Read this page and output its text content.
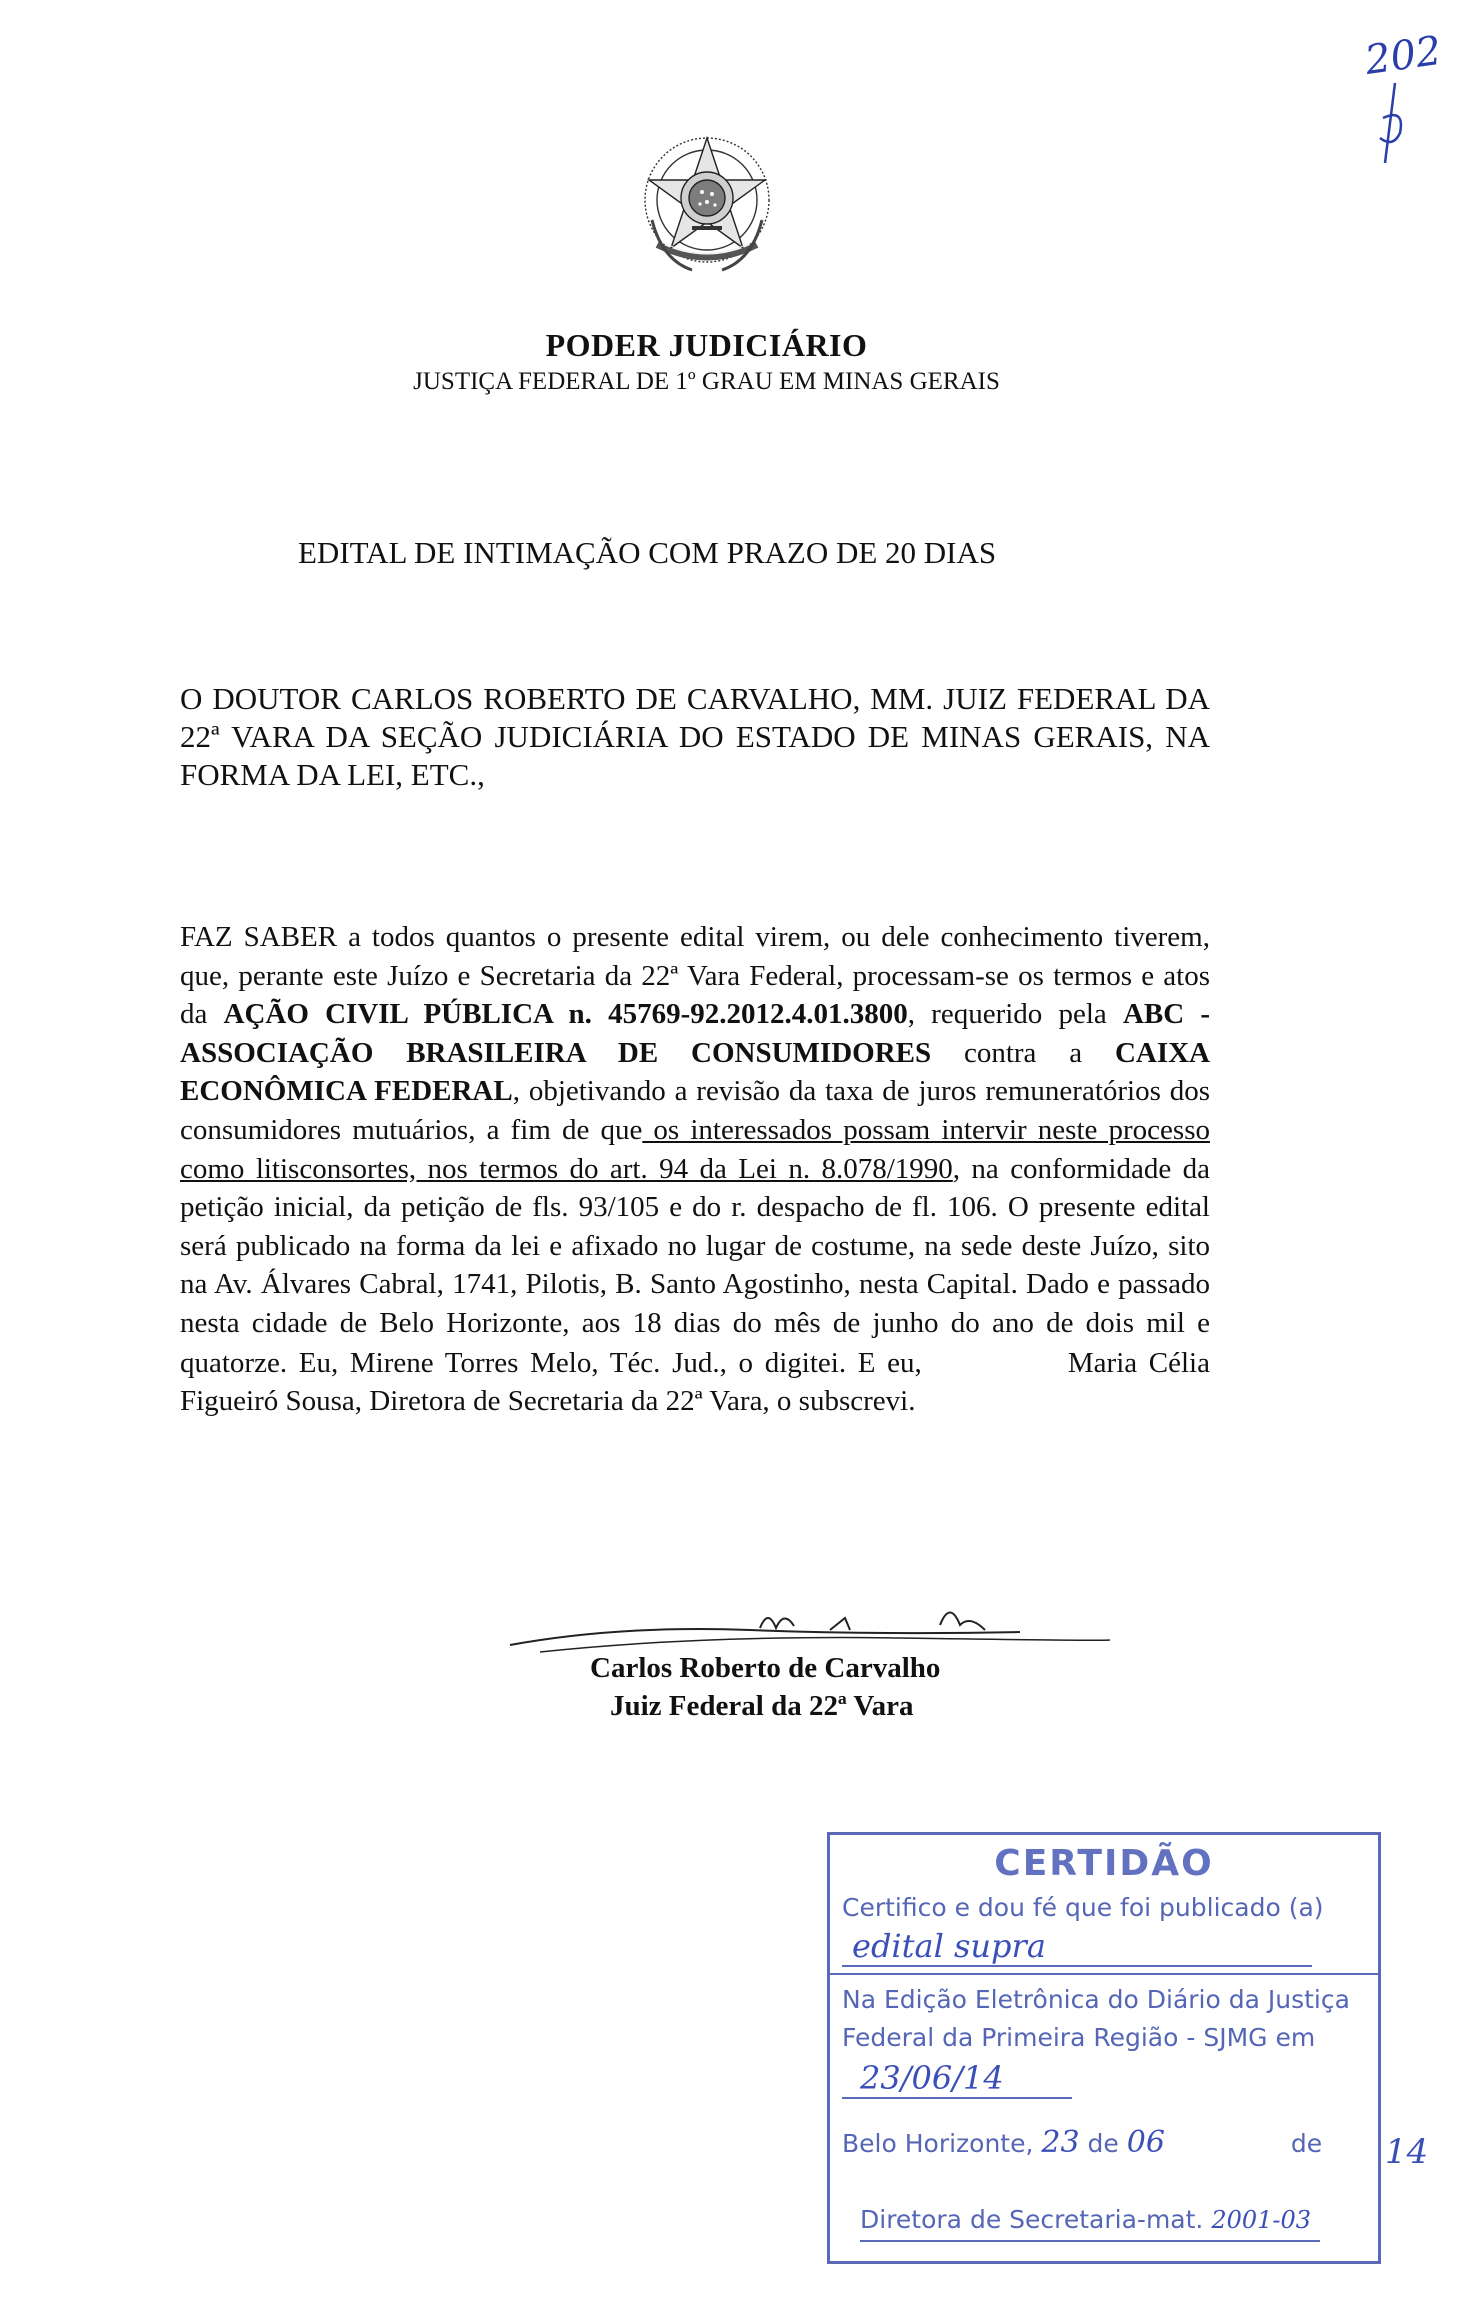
PODER JUDICIÁRIO

JUSTIÇA FEDERAL DE 1º GRAU EM MINAS GERAIS

EDITAL DE INTIMAÇÃO COM PRAZO DE 20 DIAS

O DOUTOR CARLOS ROBERTO DE CARVALHO, MM. JUIZ FEDERAL DA 22ª VARA DA SEÇÃO JUDICIÁRIA DO ESTADO DE MINAS GERAIS, NA FORMA DA LEI, ETC.,

FAZ SABER a todos quantos o presente edital virem, ou dele conhecimento tiverem, que, perante este Juízo e Secretaria da 22ª Vara Federal, processam-se os termos e atos da AÇÃO CIVIL PÚBLICA n. 45769-92.2012.4.01.3800, requerido pela ABC - ASSOCIAÇÃO BRASILEIRA DE CONSUMIDORES contra a CAIXA ECONÔMICA FEDERAL, objetivando a revisão da taxa de juros remuneratórios dos consumidores mutuários, a fim de que os interessados possam intervir neste processo como litisconsortes, nos termos do art. 94 da Lei n. 8.078/1990, na conformidade da petição inicial, da petição de fls. 93/105 e do r. despacho de fl. 106. O presente edital será publicado na forma da lei e afixado no lugar de costume, na sede deste Juízo, sito na Av. Álvares Cabral, 1741, Pilotis, B. Santo Agostinho, nesta Capital. Dado e passado nesta cidade de Belo Horizonte, aos 18 dias do mês de junho do ano de dois mil e quatorze. Eu, Mirene Torres Melo, Téc. Jud., o digitei. E eu,	Maria Célia Figueiró Sousa, Diretora de Secretaria da 22ª Vara, o subscrevi.

Carlos Roberto de Carvalho

Juiz Federal da 22ª Vara

202
CERTIDÃO
Certifico e dou fé que foi publicado (a)
edital supra
Na Edição Eletrônica do Diário da Justiça
Federal da Primeira Região - SJMG em
23/06/14
Belo Horizonte, 23 de 06	de
Diretora de Secretaria-mat. 2001-03
14
